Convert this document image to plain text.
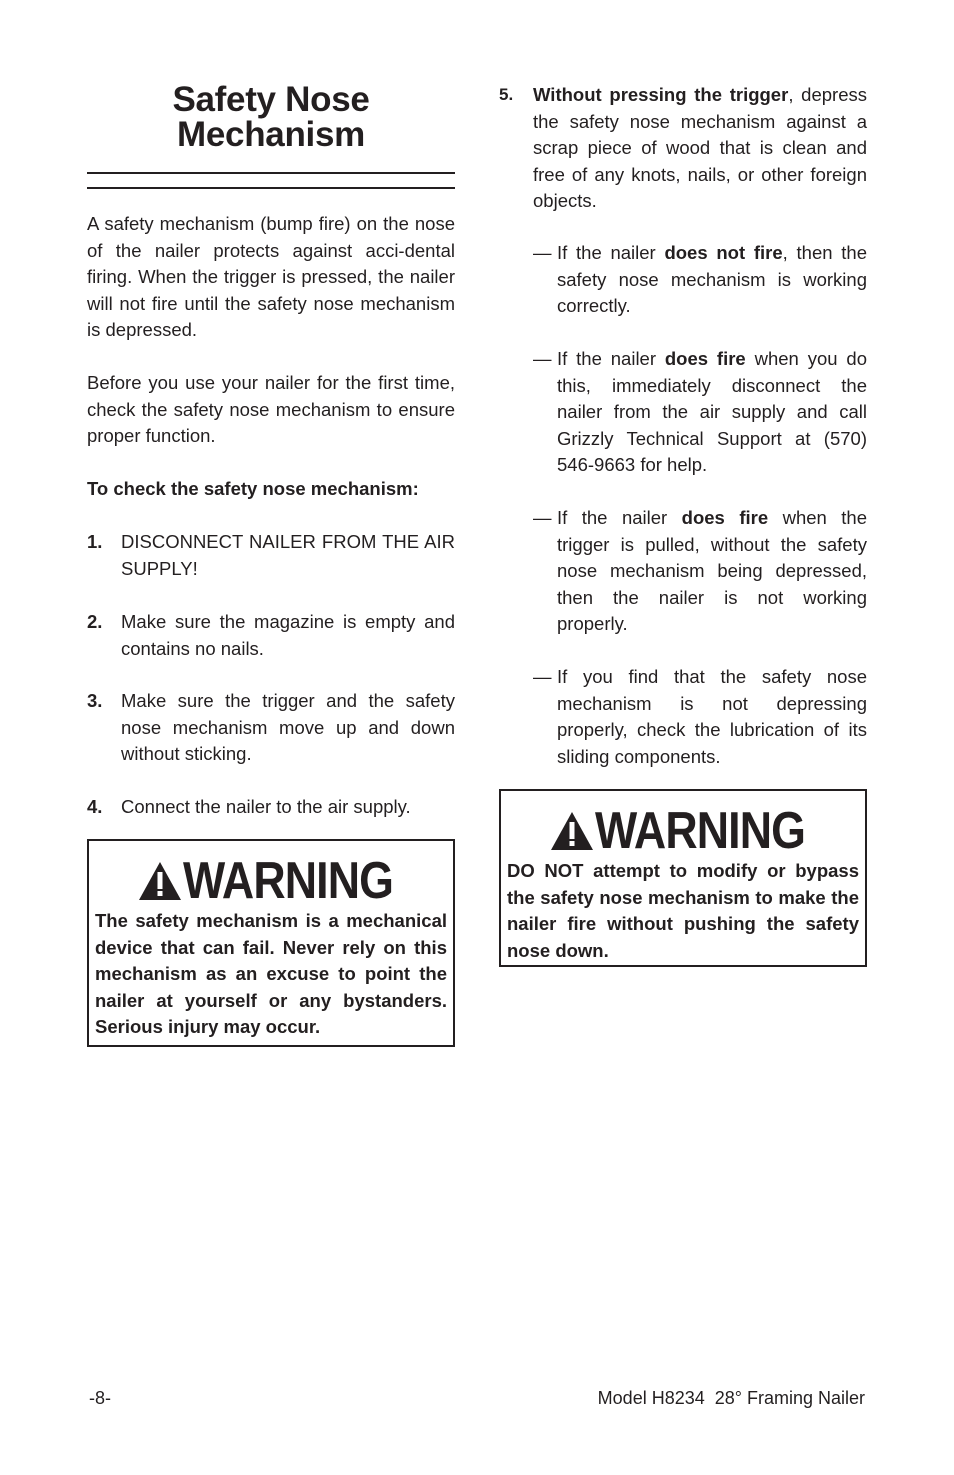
Safety Nose
Mechanism

A safety mechanism (bump fire) on the nose of the nailer protects against acci-dental firing. When the trigger is pressed, the nailer will not fire until the safety nose mechanism is depressed.

Before you use your nailer for the first time, check the safety nose mechanism to ensure proper function.

To check the safety nose mechanism:

1. DISCONNECT NAILER FROM THE AIR SUPPLY!
2. Make sure the magazine is empty and contains no nails.
3. Make sure the trigger and the safety nose mechanism move up and down without sticking.
4. Connect the nailer to the air supply.
WARNING
The safety mechanism is a mechanical device that can fail. Never rely on this mechanism as an excuse to point the nailer at yourself or any bystanders. Serious injury may occur.
5. Without pressing the trigger, depress the safety nose mechanism against a scrap piece of wood that is clean and free of any knots, nails, or other foreign objects.
— If the nailer does not fire, then the safety nose mechanism is working correctly.
— If the nailer does fire when you do this, immediately disconnect the nailer from the air supply and call Grizzly Technical Support at (570) 546-9663 for help.
— If the nailer does fire when the trigger is pulled, without the safety nose mechanism being depressed, then the nailer is not working properly.
— If you find that the safety nose mechanism is not depressing properly, check the lubrication of its sliding components.
WARNING
DO NOT attempt to modify or bypass the safety nose mechanism to make the nailer fire without pushing the safety nose down.
-8-	Model H8234  28° Framing Nailer
